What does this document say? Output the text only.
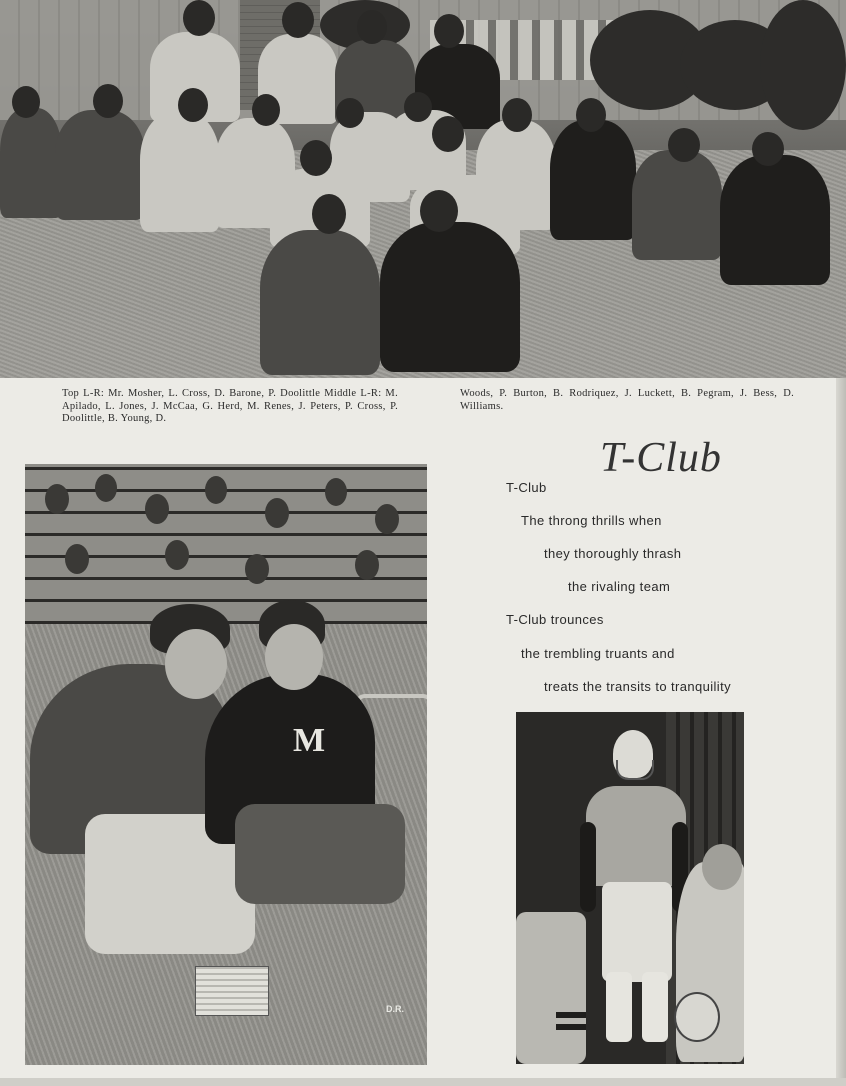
Top L-R: Mr. Mosher, L. Cross, D. Barone, P. Doolittle Middle L-R: M. Apilado, L. Jones, J. McCaa, G. Herd, M. Renes, J. Peters, P. Cross, P. Doolittle, B. Young, D.
Woods, P. Burton, B. Rodriquez, J. Luckett, B. Pegram, J. Bess, D. Williams.
M
D.R.
T-Club
T-Club
The throng thrills when
they thoroughly thrash
the rivaling team
T-Club trounces
the trembling truants and
treats the transits to tranquility
